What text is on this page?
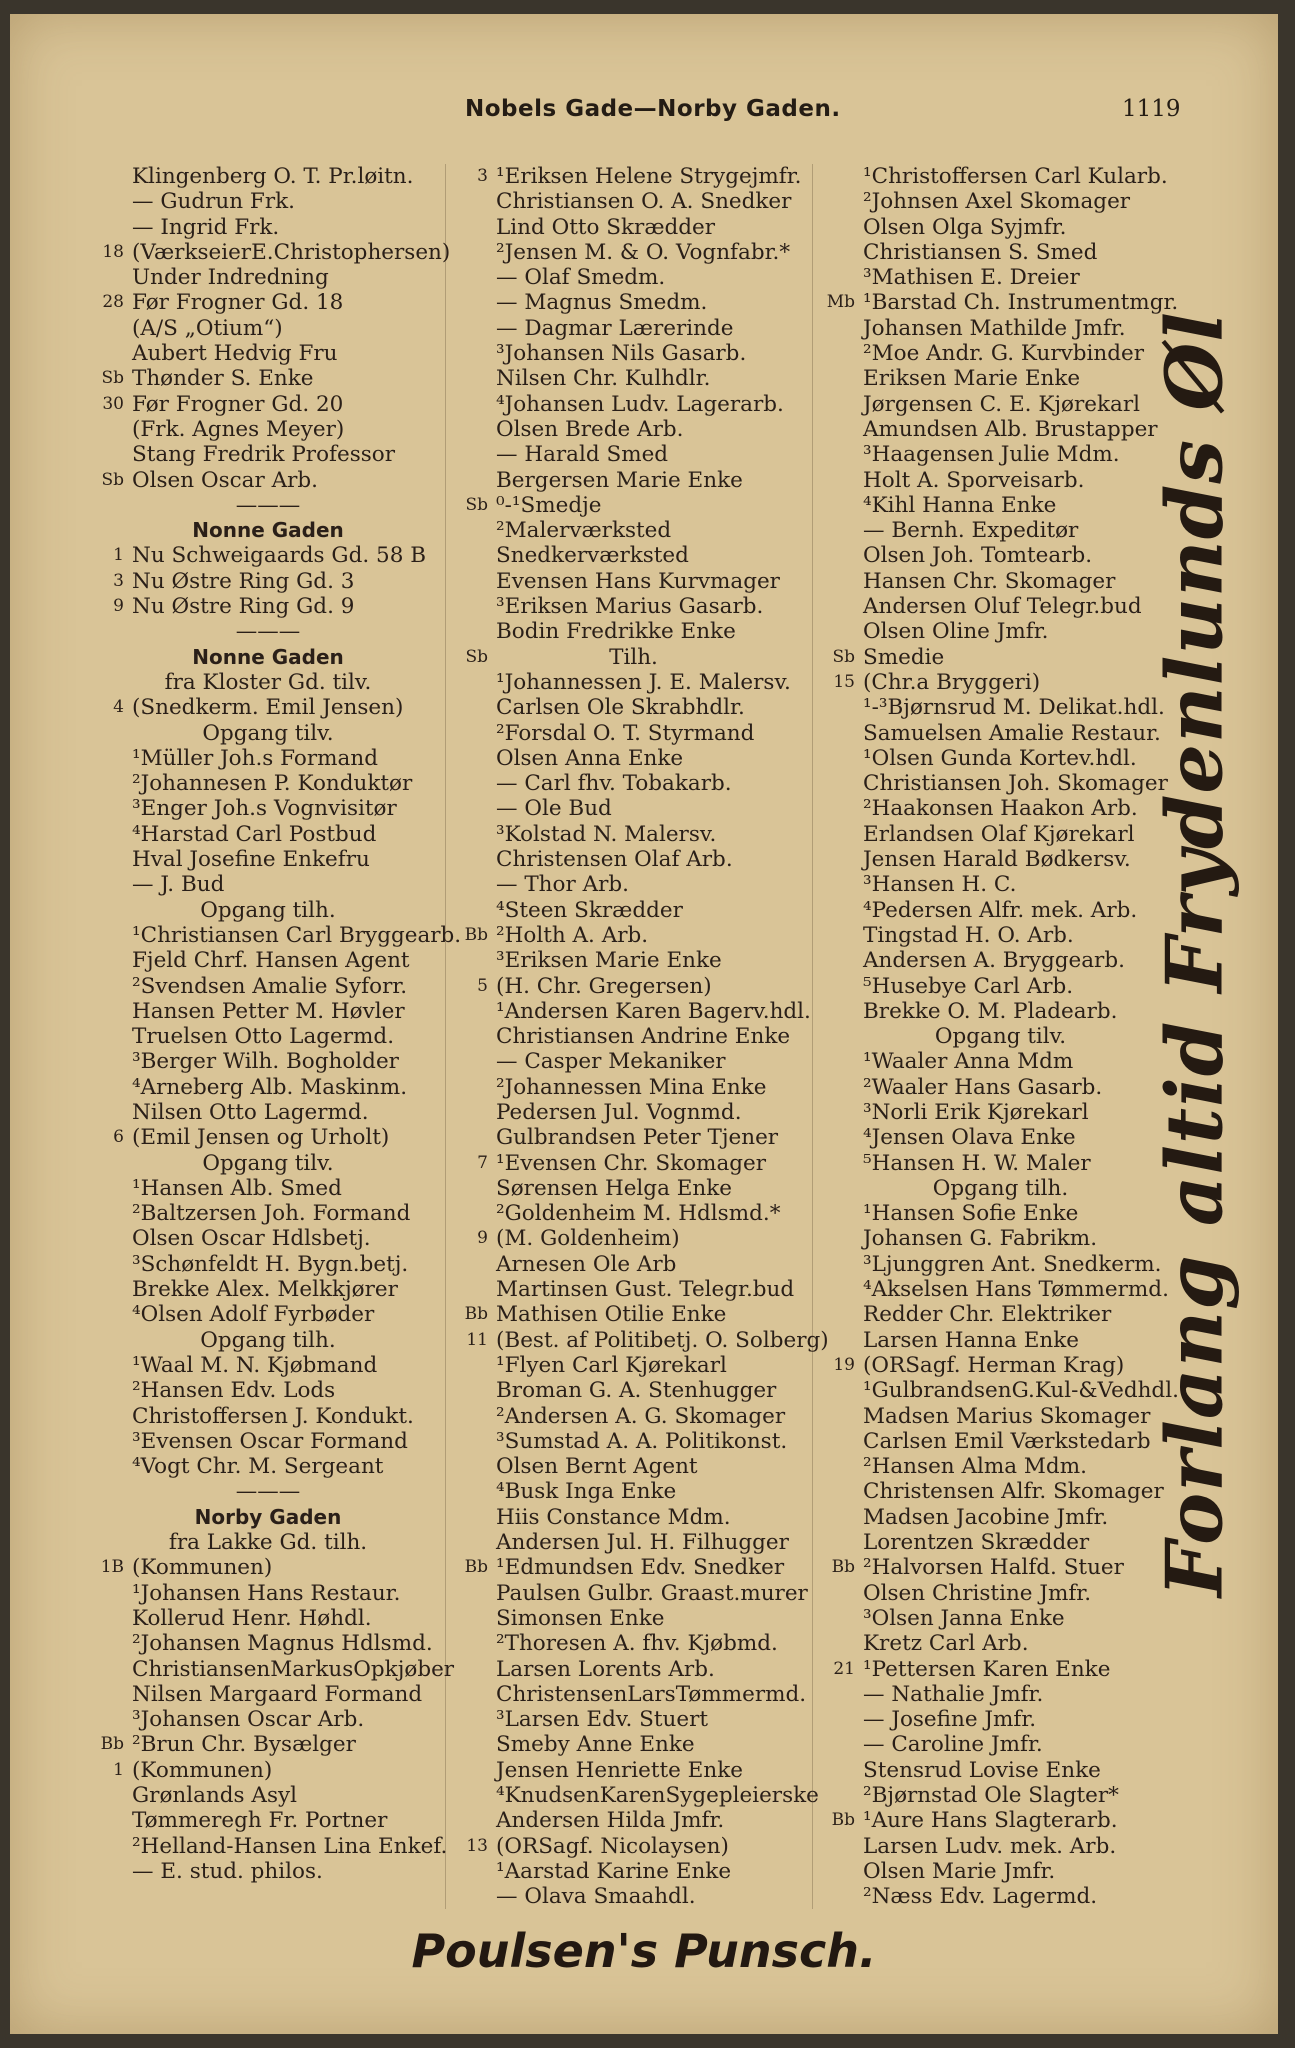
Nobels Gade—Norby Gaden.	1119
Klingenberg O. T. Pr.løitn.
— Gudrun Frk.
— Ingrid Frk.
18 (VærkseierE.Christophersen)
Under Indredning
28 Før Frogner Gd. 18
(A/S „Otium“)
Aubert Hedvig Fru
Sb Thønder S. Enke
30 Før Frogner Gd. 20
(Frk. Agnes Meyer)
Stang Fredrik Professor
Sb Olsen Oscar Arb.
———
Nonne Gaden
1 Nu Schweigaards Gd. 58 B
3 Nu Østre Ring Gd. 3
9 Nu Østre Ring Gd. 9
———
Nonne Gaden
fra Kloster Gd. tilv.
4 (Snedkerm. Emil Jensen)
Opgang tilv.
¹Müller Joh.s Formand
²Johannesen P. Konduktør
³Enger Joh.s Vognvisitør
⁴Harstad Carl Postbud
Hval Josefine Enkefru
— J. Bud
Opgang tilh.
¹Christiansen Carl Bryggearb.
Fjeld Chrf. Hansen Agent
²Svendsen Amalie Syforr.
Hansen Petter M. Høvler
Truelsen Otto Lagermd.
³Berger Wilh. Bogholder
⁴Arneberg Alb. Maskinm.
Nilsen Otto Lagermd.
6 (Emil Jensen og Urholt)
Opgang tilv.
¹Hansen Alb. Smed
²Baltzersen Joh. Formand
Olsen Oscar Hdlsbetj.
³Schønfeldt H. Bygn.betj.
Brekke Alex. Melkkjører
⁴Olsen Adolf Fyrbøder
Opgang tilh.
¹Waal M. N. Kjøbmand
²Hansen Edv. Lods
Christoffersen J. Kondukt.
³Evensen Oscar Formand
⁴Vogt Chr. M. Sergeant
———
Norby Gaden
fra Lakke Gd. tilh.
1B (Kommunen)
¹Johansen Hans Restaur.
Kollerud Henr. Høhdl.
²Johansen Magnus Hdlsmd.
ChristiansenMarkusOpkjøber
Nilsen Margaard Formand
³Johansen Oscar Arb.
Bb ²Brun Chr. Bysælger
1 (Kommunen)
Grønlands Asyl
Tømmeregh Fr. Portner
²Helland-Hansen Lina Enkef.
— E. stud. philos.
3 ¹Eriksen Helene Strygejmfr.
Christiansen O. A. Snedker
Lind Otto Skrædder
²Jensen M. & O. Vognfabr.*
— Olaf Smedm.
— Magnus Smedm.
— Dagmar Lærerinde
³Johansen Nils Gasarb.
Nilsen Chr. Kulhdlr.
⁴Johansen Ludv. Lagerarb.
Olsen Brede Arb.
— Harald Smed
Bergersen Marie Enke
Sb ⁰-¹Smedje
²Malerværksted
Snedkerværksted
Evensen Hans Kurvmager
³Eriksen Marius Gasarb.
Bodin Fredrikke Enke
Sb	Tilh.
¹Johannessen J. E. Malersv.
Carlsen Ole Skrabhdlr.
²Forsdal O. T. Styrmand
Olsen Anna Enke
— Carl fhv. Tobakarb.
— Ole Bud
³Kolstad N. Malersv.
Christensen Olaf Arb.
— Thor Arb.
⁴Steen Skrædder
Bb ²Holth A. Arb.
³Eriksen Marie Enke
5 (H. Chr. Gregersen)
¹Andersen Karen Bagerv.hdl.
Christiansen Andrine Enke
— Casper Mekaniker
²Johannessen Mina Enke
Pedersen Jul. Vognmd.
Gulbrandsen Peter Tjener
7 ¹Evensen Chr. Skomager
Sørensen Helga Enke
²Goldenheim M. Hdlsmd.*
9 (M. Goldenheim)
Arnesen Ole Arb
Martinsen Gust. Telegr.bud
Bb Mathisen Otilie Enke
11 (Best. af Politibetj. O. Solberg)
¹Flyen Carl Kjørekarl
Broman G. A. Stenhugger
²Andersen A. G. Skomager
³Sumstad A. A. Politikonst.
Olsen Bernt Agent
⁴Busk Inga Enke
Hiis Constance Mdm.
Andersen Jul. H. Filhugger
Bb ¹Edmundsen Edv. Snedker
Paulsen Gulbr. Graast.murer
Simonsen Enke
²Thoresen A. fhv. Kjøbmd.
Larsen Lorents Arb.
ChristensenLarsTømmermd.
³Larsen Edv. Stuert
Smeby Anne Enke
Jensen Henriette Enke
⁴KnudsenKarenSygepleierske
Andersen Hilda Jmfr.
13 (ORSagf. Nicolaysen)
¹Aarstad Karine Enke
— Olava Smaahdl.
¹Christoffersen Carl Kularb.
²Johnsen Axel Skomager
Olsen Olga Syjmfr.
Christiansen S. Smed
³Mathisen E. Dreier
Mb ¹Barstad Ch. Instrumentmgr.
Johansen Mathilde Jmfr.
²Moe Andr. G. Kurvbinder
Eriksen Marie Enke
Jørgensen C. E. Kjørekarl
Amundsen Alb. Brustapper
³Haagensen Julie Mdm.
Holt A. Sporveisarb.
⁴Kihl Hanna Enke
— Bernh. Expeditør
Olsen Joh. Tomtearb.
Hansen Chr. Skomager
Andersen Oluf Telegr.bud
Olsen Oline Jmfr.
Sb Smedie
15 (Chr.a Bryggeri)
¹-³Bjørnsrud M. Delikat.hdl.
Samuelsen Amalie Restaur.
¹Olsen Gunda Kortev.hdl.
Christiansen Joh. Skomager
²Haakonsen Haakon Arb.
Erlandsen Olaf Kjørekarl
Jensen Harald Bødkersv.
³Hansen H. C.
⁴Pedersen Alfr. mek. Arb.
Tingstad H. O. Arb.
Andersen A. Bryggearb.
⁵Husebye Carl Arb.
Brekke O. M. Pladearb.
Opgang tilv.
¹Waaler Anna Mdm
²Waaler Hans Gasarb.
³Norli Erik Kjørekarl
⁴Jensen Olava Enke
⁵Hansen H. W. Maler
Opgang tilh.
¹Hansen Sofie Enke
Johansen G. Fabrikm.
³Ljunggren Ant. Snedkerm.
⁴Akselsen Hans Tømmermd.
Redder Chr. Elektriker
Larsen Hanna Enke
19 (ORSagf. Herman Krag)
¹GulbrandsenG.Kul-&Vedhdl.
Madsen Marius Skomager
Carlsen Emil Værkstedarb
²Hansen Alma Mdm.
Christensen Alfr. Skomager
Madsen Jacobine Jmfr.
Lorentzen Skrædder
Bb ²Halvorsen Halfd. Stuer
Olsen Christine Jmfr.
³Olsen Janna Enke
Kretz Carl Arb.
21 ¹Pettersen Karen Enke
— Nathalie Jmfr.
— Josefine Jmfr.
— Caroline Jmfr.
Stensrud Lovise Enke
²Bjørnstad Ole Slagter*
Bb ¹Aure Hans Slagterarb.
Larsen Ludv. mek. Arb.
Olsen Marie Jmfr.
²Næss Edv. Lagermd.
Forlang altid Frydenlunds Øl
Poulsen's Punsch.
